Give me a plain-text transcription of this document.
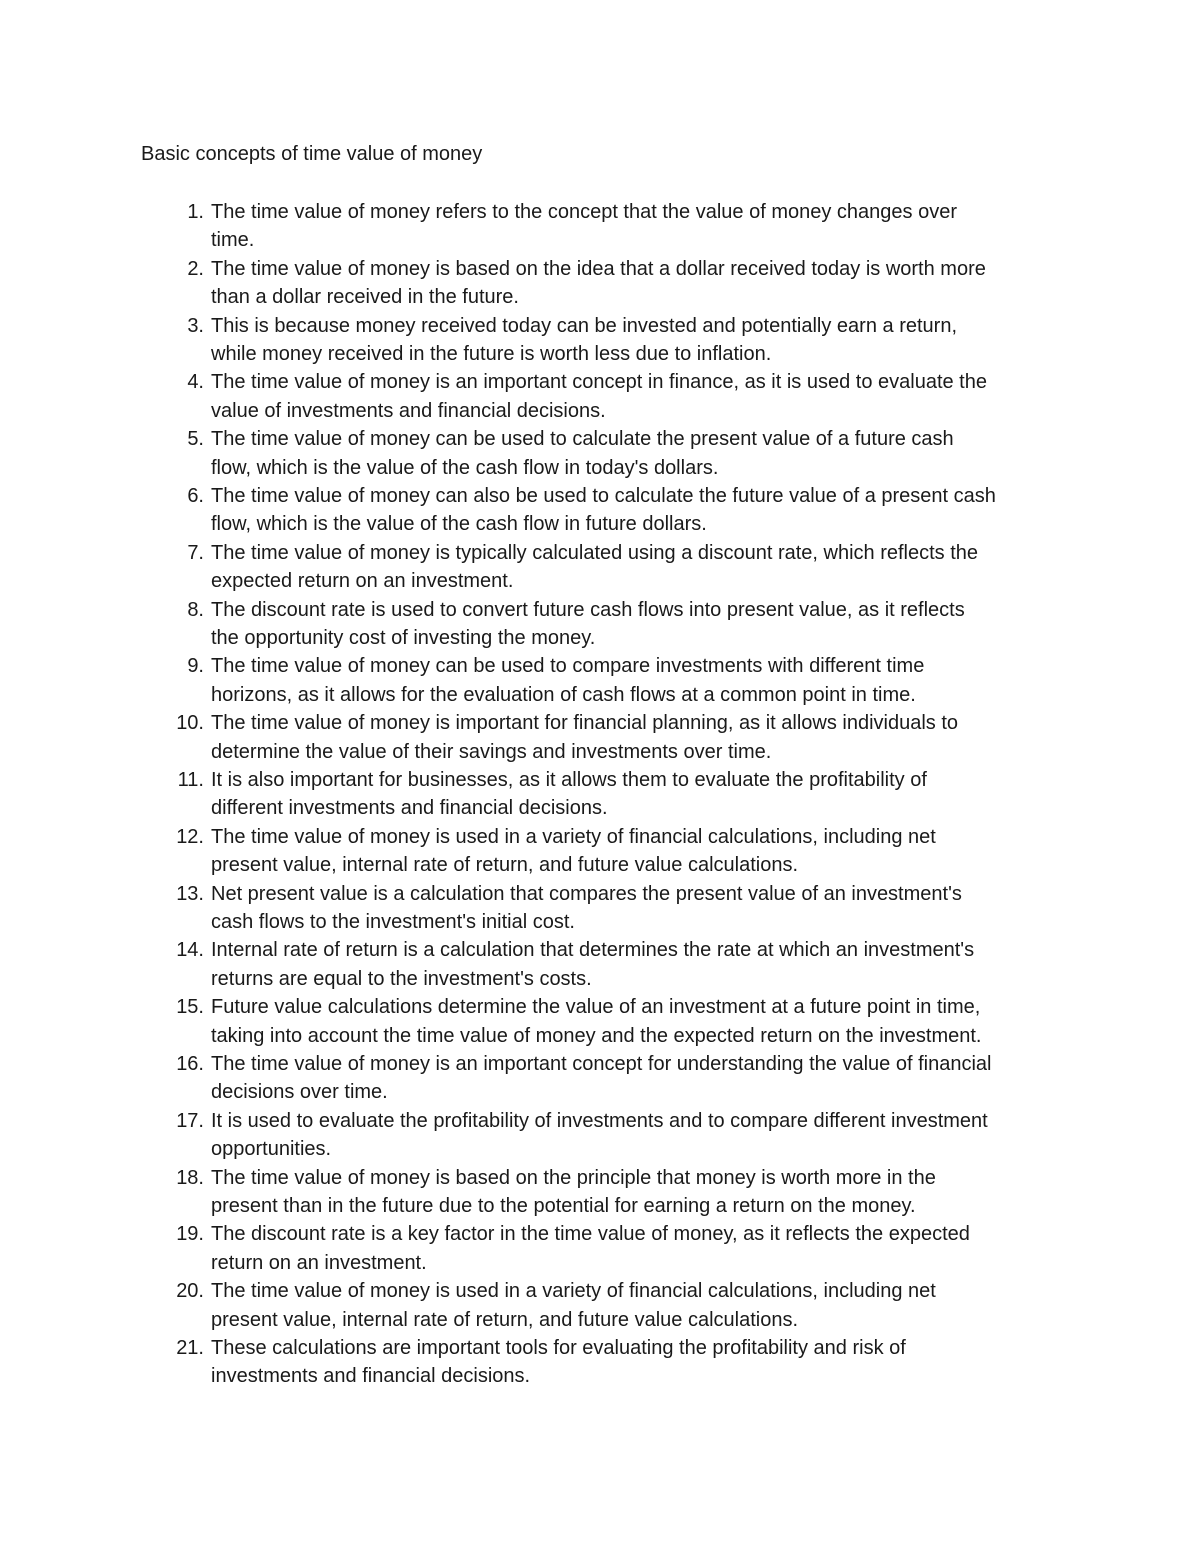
Basic concepts of time value of money
1. The time value of money refers to the concept that the value of money changes over
time.
2. The time value of money is based on the idea that a dollar received today is worth more
than a dollar received in the future.
3. This is because money received today can be invested and potentially earn a return,
while money received in the future is worth less due to inflation.
4. The time value of money is an important concept in finance, as it is used to evaluate the
value of investments and financial decisions.
5. The time value of money can be used to calculate the present value of a future cash
flow, which is the value of the cash flow in today's dollars.
6. The time value of money can also be used to calculate the future value of a present cash
flow, which is the value of the cash flow in future dollars.
7. The time value of money is typically calculated using a discount rate, which reflects the
expected return on an investment.
8. The discount rate is used to convert future cash flows into present value, as it reflects
the opportunity cost of investing the money.
9. The time value of money can be used to compare investments with different time
horizons, as it allows for the evaluation of cash flows at a common point in time.
10. The time value of money is important for financial planning, as it allows individuals to
determine the value of their savings and investments over time.
11. It is also important for businesses, as it allows them to evaluate the profitability of
different investments and financial decisions.
12. The time value of money is used in a variety of financial calculations, including net
present value, internal rate of return, and future value calculations.
13. Net present value is a calculation that compares the present value of an investment's
cash flows to the investment's initial cost.
14. Internal rate of return is a calculation that determines the rate at which an investment's
returns are equal to the investment's costs.
15. Future value calculations determine the value of an investment at a future point in time,
taking into account the time value of money and the expected return on the investment.
16. The time value of money is an important concept for understanding the value of financial
decisions over time.
17. It is used to evaluate the profitability of investments and to compare different investment
opportunities.
18. The time value of money is based on the principle that money is worth more in the
present than in the future due to the potential for earning a return on the money.
19. The discount rate is a key factor in the time value of money, as it reflects the expected
return on an investment.
20. The time value of money is used in a variety of financial calculations, including net
present value, internal rate of return, and future value calculations.
21. These calculations are important tools for evaluating the profitability and risk of
investments and financial decisions.
